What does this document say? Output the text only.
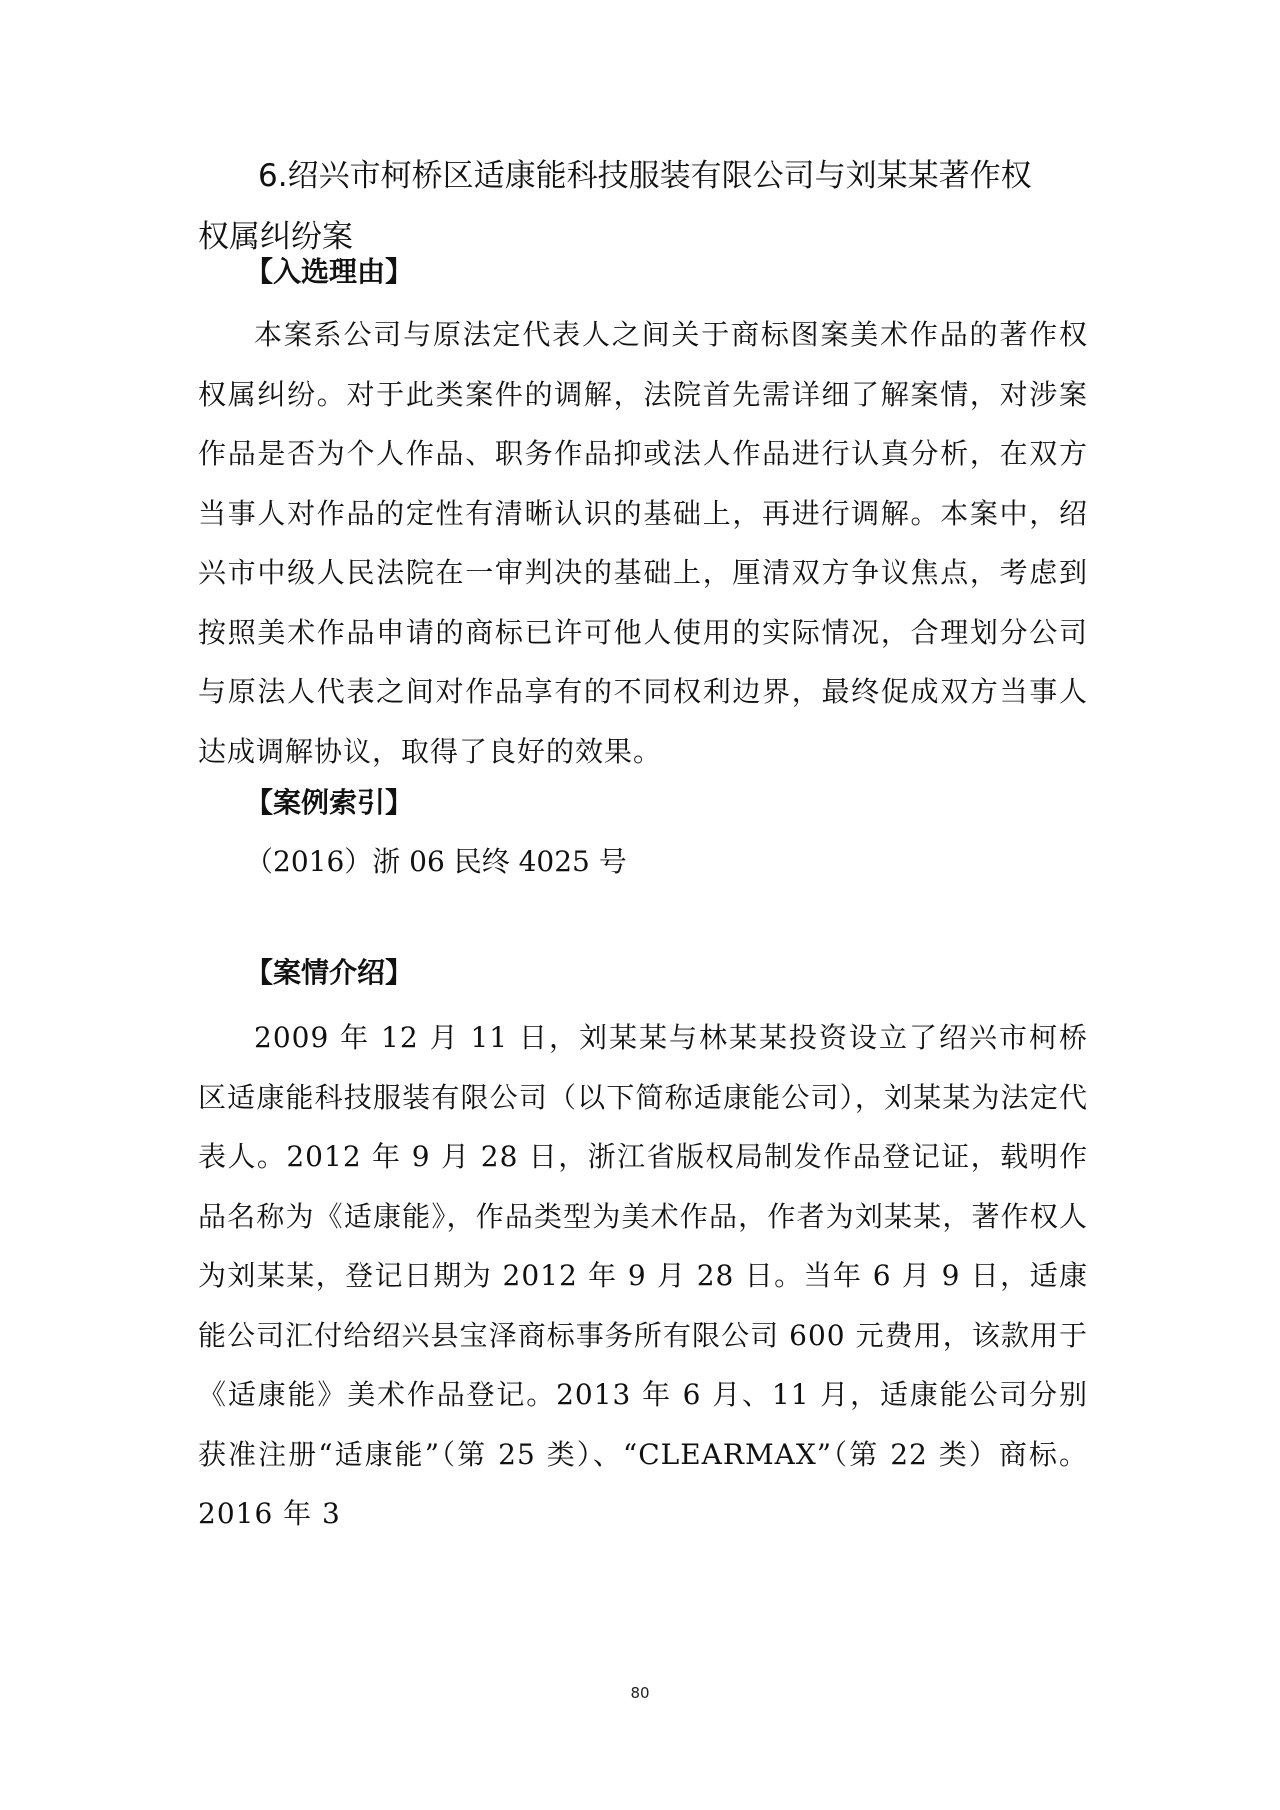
6.绍兴市柯桥区适康能科技服装有限公司与刘某某著作权
权属纠纷案
【入选理由】
本案系公司与原法定代表人之间关于商标图案美术作品的著作权权属纠纷。对于此类案件的调解，法院首先需详细了解案情，对涉案作品是否为个人作品、职务作品抑或法人作品进行认真分析，在双方当事人对作品的定性有清晰认识的基础上，再进行调解。本案中，绍兴市中级人民法院在一审判决的基础上，厘清双方争议焦点，考虑到按照美术作品申请的商标已许可他人使用的实际情况，合理划分公司与原法人代表之间对作品享有的不同权利边界，最终促成双方当事人达成调解协议，取得了良好的效果。
【案例索引】
（2016）浙 06 民终 4025 号
【案情介绍】
2009 年 12 月 11 日，刘某某与林某某投资设立了绍兴市柯桥区适康能科技服装有限公司（以下简称适康能公司），刘某某为法定代表人。2012 年 9 月 28 日，浙江省版权局制发作品登记证，载明作品名称为《适康能》，作品类型为美术作品，作者为刘某某，著作权人为刘某某，登记日期为 2012 年 9 月 28 日。当年 6 月 9 日，适康能公司汇付给绍兴县宝泽商标事务所有限公司 600 元费用，该款用于《适康能》美术作品登记。2013 年 6 月、11 月，适康能公司分别获准注册“适康能”（第 25 类）、“CLEARMAX”（第 22 类）商标。2016 年 3
80
